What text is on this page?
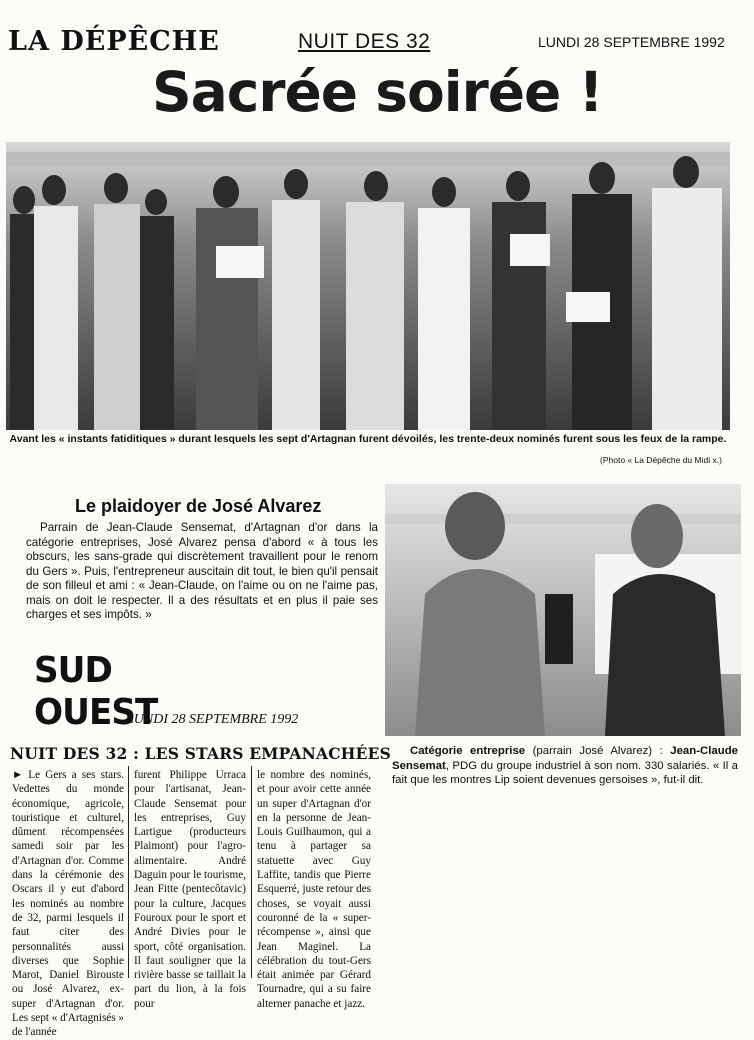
LA DÉPÊCHE	NUIT DES 32	LUNDI 28 SEPTEMBRE 1992
Sacrée soirée !
Avant les « instants fatiditiques » durant lesquels les sept d'Artagnan furent dévoilés, les trente-deux nominés furent sous les feux de la rampe.
(Photo « La Dépêche du Midi x.)
Le plaidoyer de José Alvarez

Parrain de Jean-Claude Sensemat, d'Artagnan d'or dans la catégorie entreprises, José Alvarez pensa d'abord « à tous les obscurs, les sans-grade qui discrètement travaillent pour le renom du Gers ». Puis, l'entrepreneur auscitain dit tout, le bien qu'il pensait de son filleul et ami : « Jean-Claude, on l'aime ou on ne l'aime pas, mais on doit le respecter. Il a des résultats et en plus il paie ses charges et ses impôts. »

Catégorie entreprise (parrain José Alvarez) : Jean-Claude Sensemat, PDG du groupe industriel à son nom. 330 salariés. « Il a fait que les montres Lip soient devenues gersoises », fut-il dit.
SUD OUEST
LUNDI 28 SEPTEMBRE 1992
NUIT DES 32 : LES STARS EMPANACHÉES
► Le Gers a ses stars. Vedettes du monde économique, agricole, touristique et culturel, dûment récompensées samedi soir par les d'Artagnan d'or. Comme dans la cérémonie des Oscars il y eut d'abord les nominés au nombre de 32, parmi lesquels il faut citer des personnalités aussi diverses que Sophie Marot, Daniel Birouste ou José Alvarez, ex-super d'Artagnan d'or. Les sept « d'Artagnisés » de l'année
furent Philippe Urraca pour l'artisanat, Jean-Claude Sensemat pour les entreprises, Guy Lartigue (producteurs Plaimont) pour l'agro-alimentaire. André Daguin pour le tourisme, Jean Fitte (pentecôtavic) pour la culture, Jacques Fouroux pour le sport et André Divies pour le sport, côté organisation. Il faut souligner que la rivière basse se taillait la part du lion, à la fois pour
le nombre des nominés, et pour avoir cette année un super d'Artagnan d'or en la personne de Jean-Louis Guilhaumon, qui a tenu à partager sa statuette avec Guy Laffite, tandis que Pierre Esquerré, juste retour des choses, se voyait aussi couronné de la « super-récompense », ainsi que Jean Maginel. La célébration du tout-Gers était animée par Gérard Tournadre, qui a su faire alterner panache et jazz.
